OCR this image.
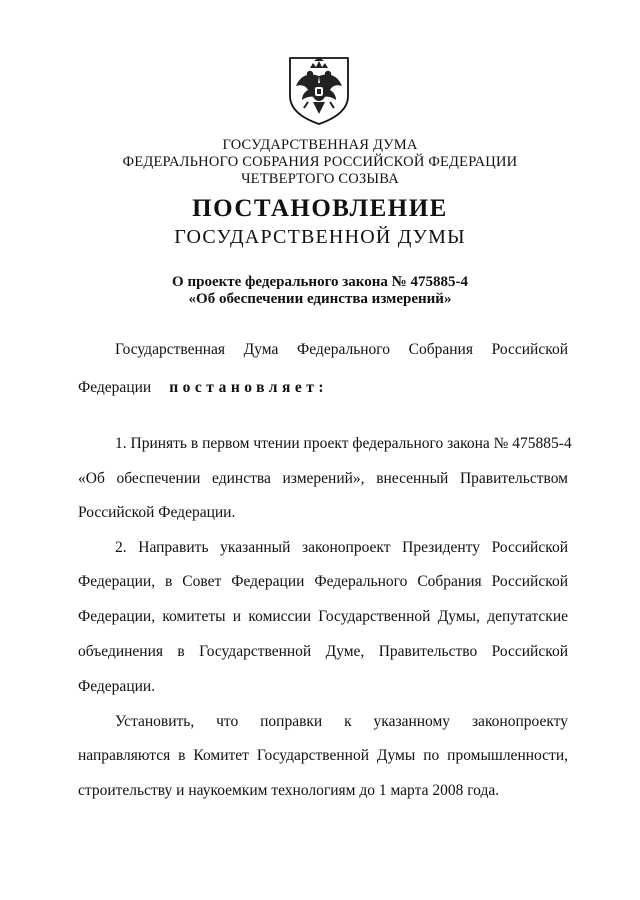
ГОСУДАРСТВЕННАЯ ДУМА
ФЕДЕРАЛЬНОГО СОБРАНИЯ РОССИЙСКОЙ ФЕДЕРАЦИИ
ЧЕТВЕРТОГО СОЗЫВА
ПОСТАНОВЛЕНИЕ
ГОСУДАРСТВЕННОЙ ДУМЫ
О проекте федерального закона № 475885-4
«Об обеспечении единства измерений»
Государственная Дума Федерального Собрания Российской
Федерации постановляет:
1. Принять в первом чтении проект федерального закона № 475885-4
«Об обеспечении единства измерений», внесенный Правительством
Российской Федерации.
2. Направить указанный законопроект Президенту Российской
Федерации, в Совет Федерации Федерального Собрания Российской
Федерации, комитеты и комиссии Государственной Думы, депутатские
объединения в Государственной Думе, Правительство Российской
Федерации.
Установить, что поправки к указанному законопроекту
направляются в Комитет Государственной Думы по промышленности,
строительству и наукоемким технологиям до 1 марта 2008 года.
